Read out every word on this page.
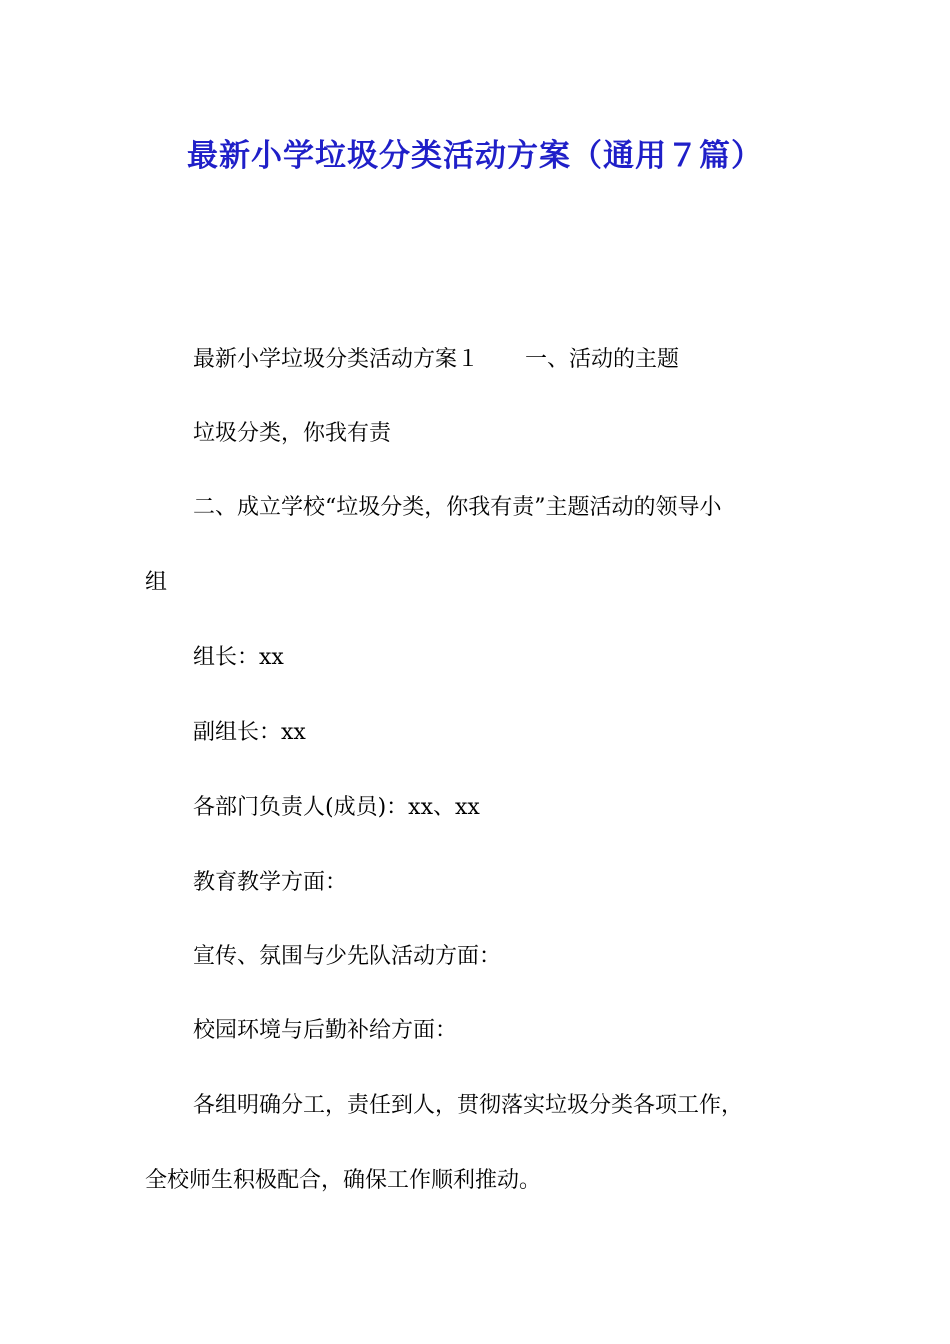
最新小学垃圾分类活动方案（通用７篇）
最新小学垃圾分类活动方案１ 一、活动的主题
垃圾分类，你我有责
二、成立学校“垃圾分类，你我有责”主题活动的领导小
组
组长：xx
副组长：xx
各部门负责人(成员)：xx、xx
教育教学方面：
宣传、氛围与少先队活动方面：
校园环境与后勤补给方面：
各组明确分工，责任到人，贯彻落实垃圾分类各项工作，
全校师生积极配合，确保工作顺利推动。
